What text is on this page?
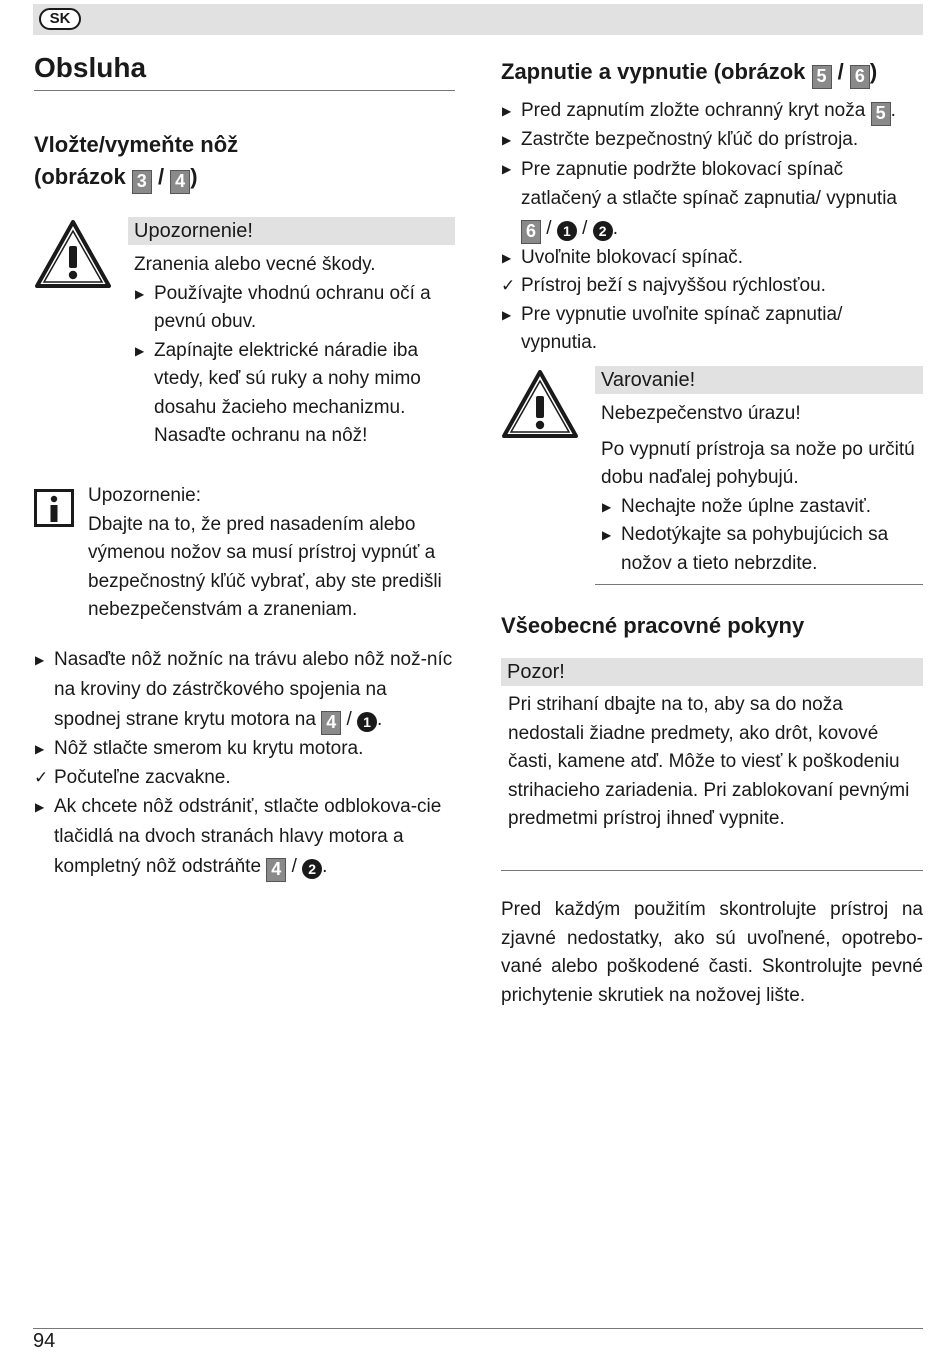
SK
Obsluha
Vložte/vymeňte nôž
(obrázok 3 / 4 )
Upozornenie!
Zranenia alebo vecné škody.
▶ Používajte vhodnú ochranu očí a pevnú obuv.
▶ Zapínajte elektrické náradie iba vtedy, keď sú ruky a nohy mimo dosahu žacieho mechanizmu. Nasaďte ochranu na nôž!
Upozornenie:
Dbajte na to, že pred nasadením alebo výmenou nožov sa musí prístroj vypnúť a bezpečnostný kľúč vybrať, aby ste predišli nebezpečenstvám a zraneniam.
▶ Nasaďte nôž nožníc na trávu alebo nôž nož-níc na kroviny do zástrčkového spojenia na spodnej strane krytu motora na 4 / 1 .
▶ Nôž stlačte smerom ku krytu motora.
✓ Počuteľne zacvakne.
▶ Ak chcete nôž odstrániť, stlačte odblokova-cie tlačidlá na dvoch stranách hlavy motora a kompletný nôž odstráňte 4 / 2 .
Zapnutie a vypnutie (obrázok 5 / 6 )
▶ Pred zapnutím zložte ochranný kryt noža 5 .
▶ Zastrčte bezpečnostný kľúč do prístroja.
▶ Pre zapnutie podržte blokovací spínač zatlačený a stlačte spínač zapnutia/ vypnutia 6 / 1 / 2 .
▶ Uvoľnite blokovací spínač.
✓ Prístroj beží s najvyššou rýchlosťou.
▶ Pre vypnutie uvoľnite spínač zapnutia/ vypnutia.
Varovanie!
Nebezpečenstvo úrazu!
Po vypnutí prístroja sa nože po určitú dobu naďalej pohybujú.
▶ Nechajte nože úplne zastaviť.
▶ Nedotýkajte sa pohybujúcich sa nožov a tieto nebrzdite.
Všeobecné pracovné pokyny
Pozor!
Pri strihaní dbajte na to, aby sa do noža nedostali žiadne predmety, ako drôt, kovové časti, kamene atď. Môže to viesť k poškodeniu strihacieho zariadenia. Pri zablokovaní pevnými predmetmi prístroj ihneď vypnite.
Pred každým použitím skontrolujte prístroj na zjavné nedostatky, ako sú uvoľnené, opotrebo-vané alebo poškodené časti. Skontrolujte pevné prichytenie skrutiek na nožovej lište.
94
